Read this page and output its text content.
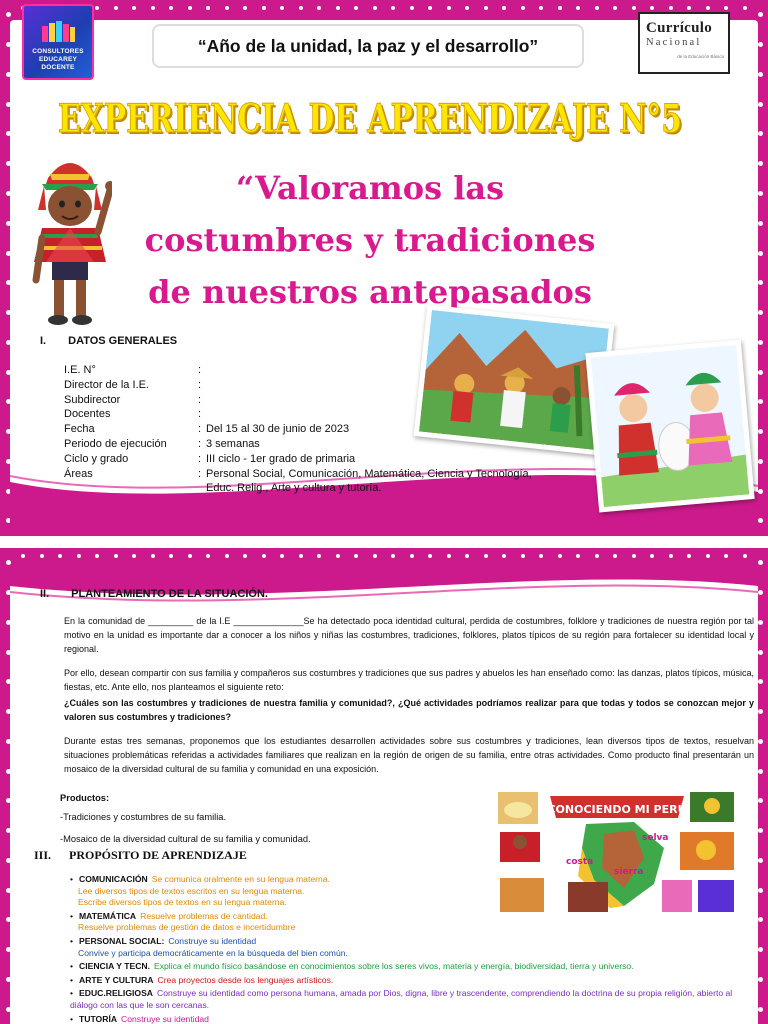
CONSULTORES
EDUCAREY
DOCENTE
“Año de la unidad, la paz y el desarrollo”
Currículo
Nacional
de la Educación Básica
EXPERIENCIA DE APRENDIZAJE N°5
EXPERIENCIA DE APRENDIZAJE N°5
“Valoramos las
costumbres y tradiciones
de nuestros antepasados
I. DATOS GENERALES
I.E. N°	:
Director de la I.E.	:
Subdirector	:
Docentes	:
Fecha	: Del 15 al 30 de junio de 2023
Periodo de ejecución	: 3 semanas
Ciclo y grado	: III ciclo - 1er grado de primaria
Áreas	: Personal Social, Comunicación, Matemática, Ciencia y Tecnología,
Educ. Relig., Arte y cultura y tutoría.
II. PLANTEAMIENTO DE LA SITUACIÓN.
En la comunidad de _________ de la I.E ______________Se ha detectado poca identidad cultural, perdida de costumbres, folklore y tradiciones de nuestra región por tal motivo en la unidad es importante dar a conocer a los niños y niñas las costumbres, tradiciones, folklores, platos típicos de su región para fortalecer su identidad local y regional.
Por ello, desean compartir con sus familia y compañeros sus costumbres y tradiciones que sus padres y abuelos les han enseñado como: las danzas, platos típicos, música, fiestas, etc. Ante ello, nos planteamos el siguiente reto:
¿Cuáles son las costumbres y tradiciones de nuestra familia y comunidad?, ¿Qué actividades podríamos realizar para que todas y todos se conozcan mejor y valoren sus costumbres y tradiciones?
Durante estas tres semanas, proponemos que los estudiantes desarrollen actividades sobre sus costumbres y tradiciones, lean diversos tipos de textos, resuelvan situaciones problemáticas referidas a actividades familiares que realizan en la región de origen de su familia, entre otras actividades. Como producto final presentarán un mosaico de la diversidad cultural de su familia y comunidad en una exposición.
Productos:
-Tradiciones y costumbres de su familia.
-Mosaico de la diversidad cultural de su familia y comunidad.
CONOCIENDO MI PERÚ
costa
sierra
selva
III. PROPÓSITO DE APRENDIZAJE
• COMUNICACIÓN Se comunica oralmente en su lengua materna.
Lee diversos tipos de textos escritos en su lengua materna.
Escribe diversos tipos de textos en su lengua materna.
• MATEMÁTICA Resuelve problemas de cantidad.
Resuelve problemas de gestión de datos e incertidumbre
• PERSONAL SOCIAL: Construye su identidad
Convive y participa democráticamente en la búsqueda del bien común.
• CIENCIA Y TECN. Explica el mundo físico basándose en conocimientos sobre los seres vivos, materia y energía, biodiversidad, tierra y universo.
• ARTE Y CULTURA Crea proyectos desde los lenguajes artísticos.
• EDUC.RELIGIOSA Construye su identidad como persona humana, amada por Dios, digna, libre y trascendente, comprendiendo la doctrina de su propia religión, abierto al diálogo con las que le son cercanas.
• TUTORÍA Construye su identidad
